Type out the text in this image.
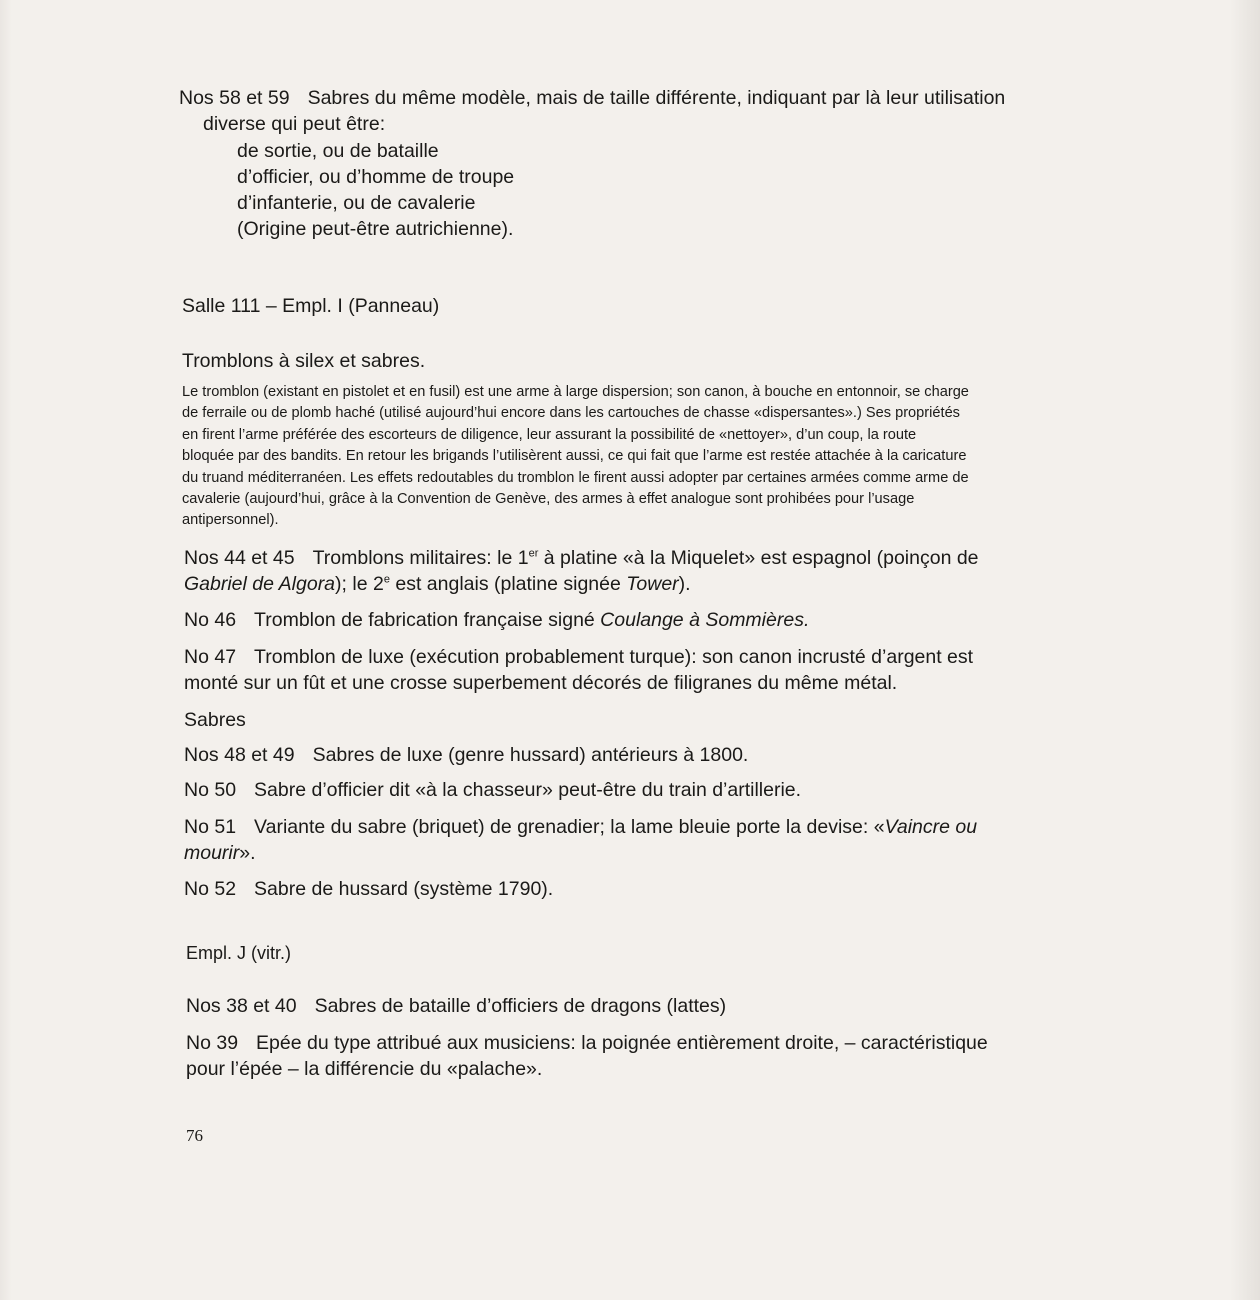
Nos 58 et 59 Sabres du même modèle, mais de taille différente, indiquant par là leur utilisation
diverse qui peut être:
de sortie, ou de bataille
d’officier, ou d’homme de troupe
d’infanterie, ou de cavalerie
(Origine peut-être autrichienne).
Salle 111 – Empl. I (Panneau)
Tromblons à silex et sabres.
Le tromblon (existant en pistolet et en fusil) est une arme à large dispersion; son canon, à bouche en entonnoir, se charge
de ferraile ou de plomb haché (utilisé aujourd’hui encore dans les cartouches de chasse «dispersantes».) Ses propriétés
en firent l’arme préférée des escorteurs de diligence, leur assurant la possibilité de «nettoyer», d’un coup, la route
bloquée par des bandits. En retour les brigands l’utilisèrent aussi, ce qui fait que l’arme est restée attachée à la caricature
du truand méditerranéen. Les effets redoutables du tromblon le firent aussi adopter par certaines armées comme arme de
cavalerie (aujourd’hui, grâce à la Convention de Genève, des armes à effet analogue sont prohibées pour l’usage
antipersonnel).
Nos 44 et 45 Tromblons militaires: le 1er à platine «à la Miquelet» est espagnol (poinçon de
Gabriel de Algora); le 2e est anglais (platine signée Tower).
No 46 Tromblon de fabrication française signé Coulange à Sommières.
No 47 Tromblon de luxe (exécution probablement turque): son canon incrusté d’argent est
monté sur un fût et une crosse superbement décorés de filigranes du même métal.
Sabres
Nos 48 et 49 Sabres de luxe (genre hussard) antérieurs à 1800.
No 50 Sabre d’officier dit «à la chasseur» peut-être du train d’artillerie.
No 51 Variante du sabre (briquet) de grenadier; la lame bleuie porte la devise: «Vaincre ou
mourir».
No 52 Sabre de hussard (système 1790).
Empl. J (vitr.)
Nos 38 et 40 Sabres de bataille d’officiers de dragons (lattes)
No 39 Epée du type attribué aux musiciens: la poignée entièrement droite, – caractéristique
pour l’épée – la différencie du «palache».
76
